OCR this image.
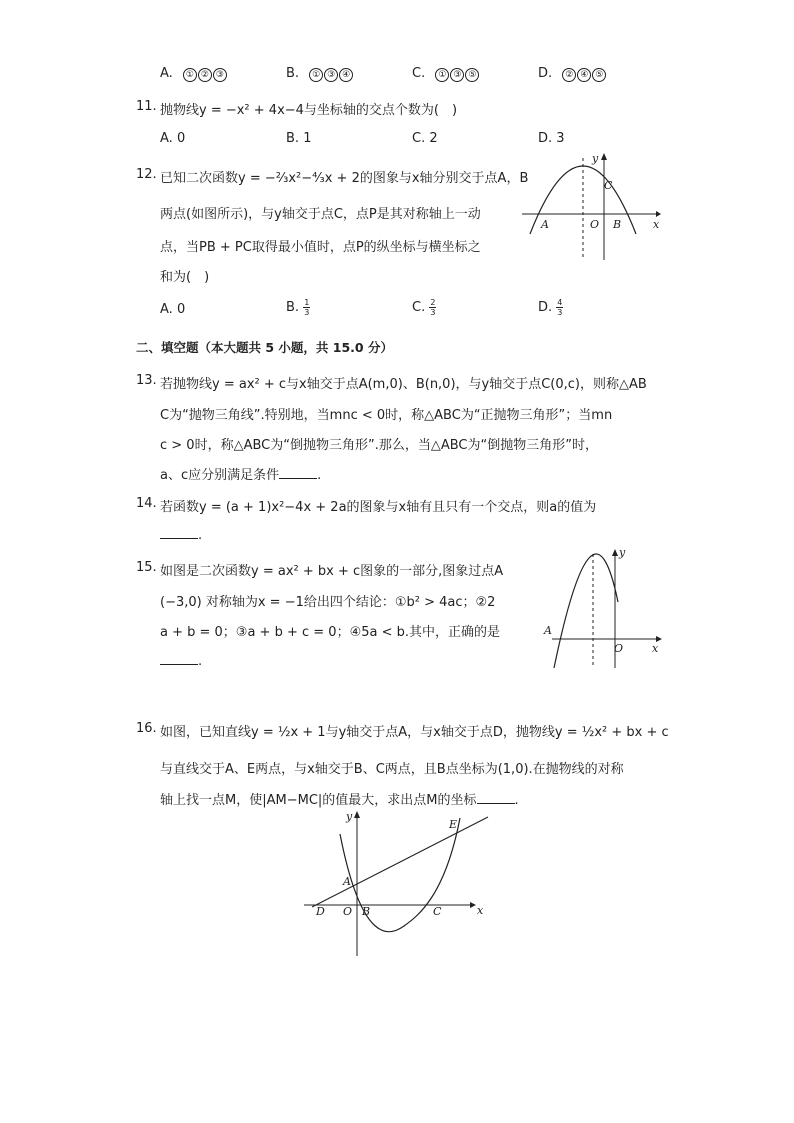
A. ① ② ③	B. ① ③ ④	C. ① ③ ⑤	D. ② ④ ⑤
11. 抛物线y = −x² + 4x−4与坐标轴的交点个数为(　)
A. 0	B. 1	C. 2	D. 3
12. 已知二次函数y = −⅔x²−⁴⁄₃x + 2的图象与x轴分别交于点A，B
两点(如图所示)，与y轴交于点C，点P是其对称轴上一动
点，当PB + PC取得最小值时，点P的纵坐标与横坐标之
和为(　)
y
x
C
O
A	B
A. 0	B. $\frac{1}{3}$	C. $\frac{2}{3}$	D. $\frac{4}{3}$
二、填空题（本大题共 5 小题，共 15.0 分）
13. 若抛物线y = ax² + c与x轴交于点A(m,0)、B(n,0)，与y轴交于点C(0,c)，则称△AB
C为“抛物三角线”.特别地，当mnc < 0时，称△ABC为“正抛物三角形”；当mn
c > 0时，称△ABC为“倒抛物三角形”.那么，当△ABC为“倒抛物三角形”时，
a、c应分别满足条件	.
14. 若函数y = (a + 1)x²−4x + 2a的图象与x轴有且只有一个交点，则a的值为
.
15. 如图是二次函数y = ax² + bx + c图象的一部分,图象过点A
(−3,0) 对称轴为x = −1给出四个结论：①b² > 4ac；②2
a + b = 0；③a + b + c = 0；④5a < b.其中，正确的是
.
y
x
A
O
16. 如图，已知直线y = ½x + 1与y轴交于点A，与x轴交于点D，抛物线y = ½x² + bx + c
与直线交于A、E两点，与x轴交于B、C两点，且B点坐标为(1,0).在抛物线的对称
轴上找一点M，使|AM−MC|的值最大，求出点M的坐标	.
y
x
E
A
D O B	C
